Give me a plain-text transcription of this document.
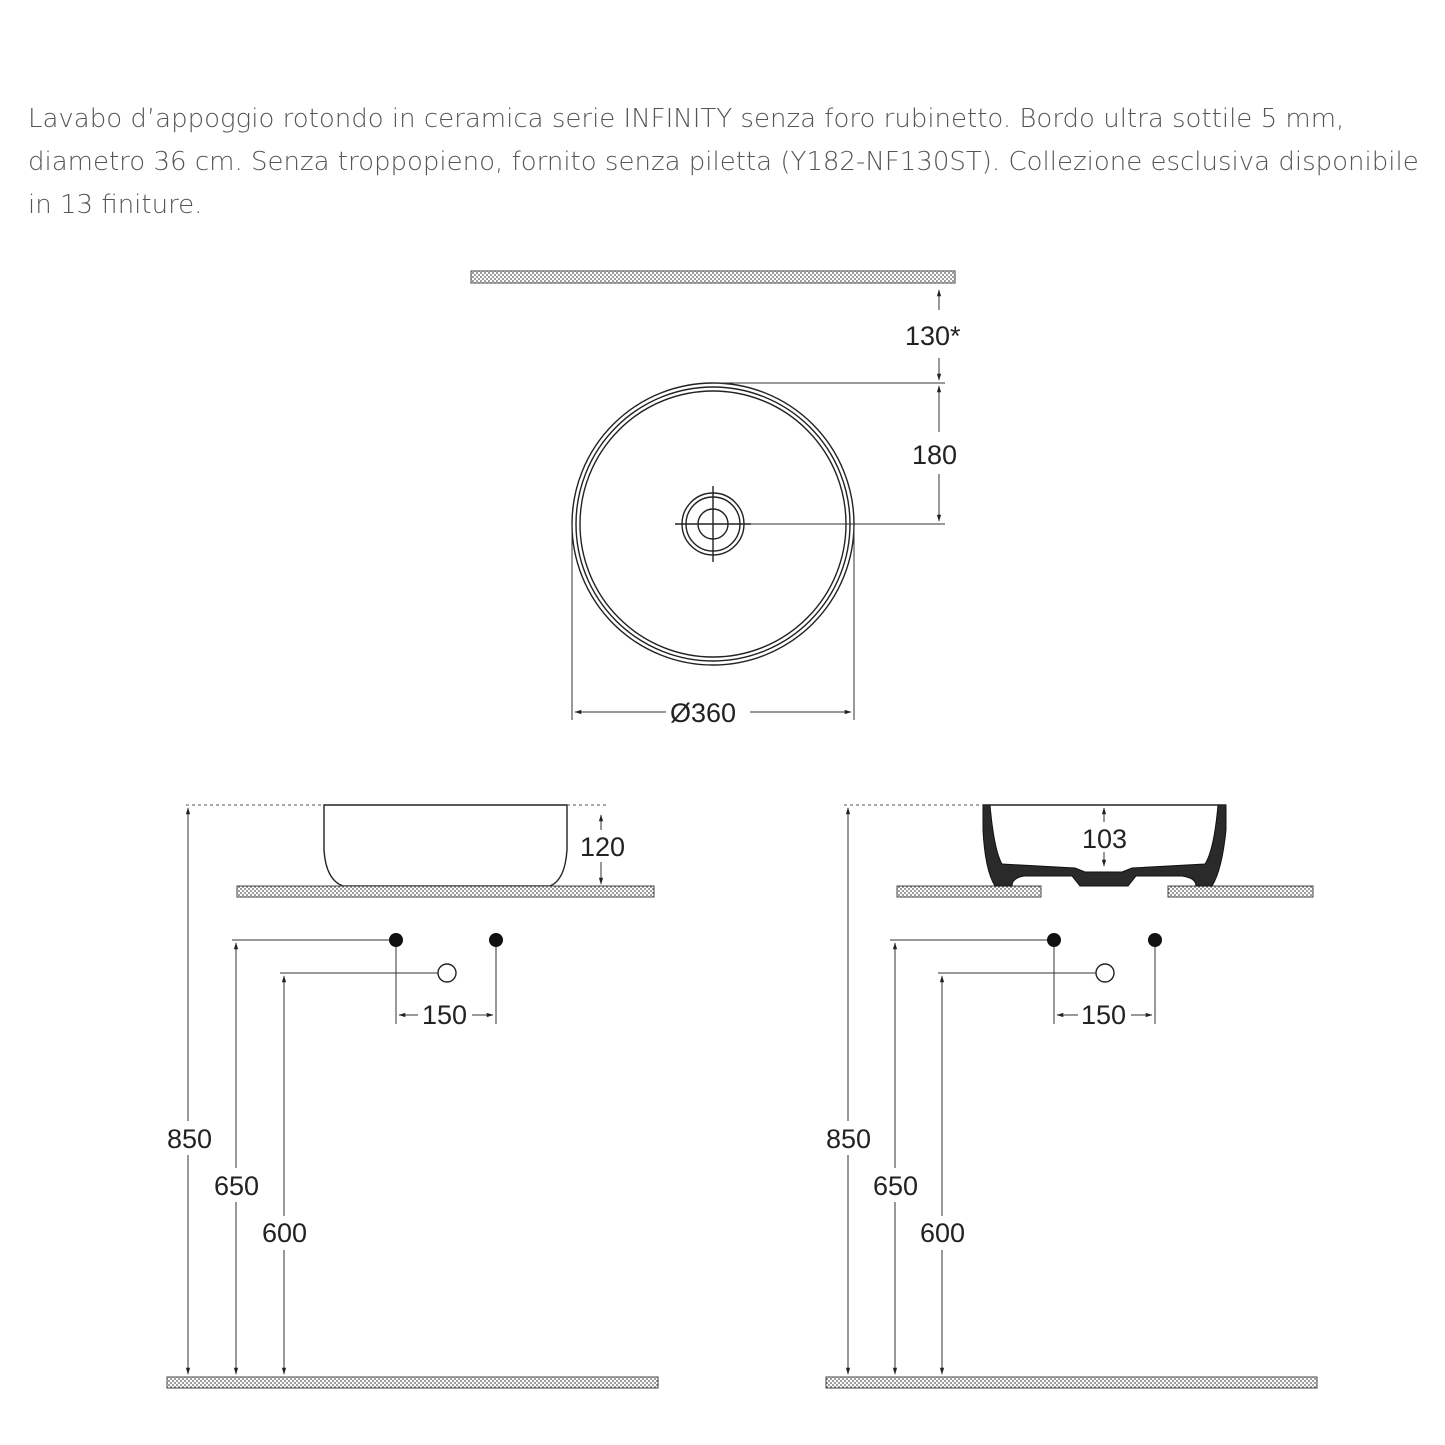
Lavabo d’appoggio rotondo in ceramica serie INFINITY senza foro rubinetto. Bordo ultra sottile 5 mm, diametro 36 cm. Senza troppopieno, fornito senza piletta (Y182-NF130ST). Collezione esclusiva disponibile in 13 finiture.

130*
180
Ø360
120
150
850
650
600
103
150
850
650
600
